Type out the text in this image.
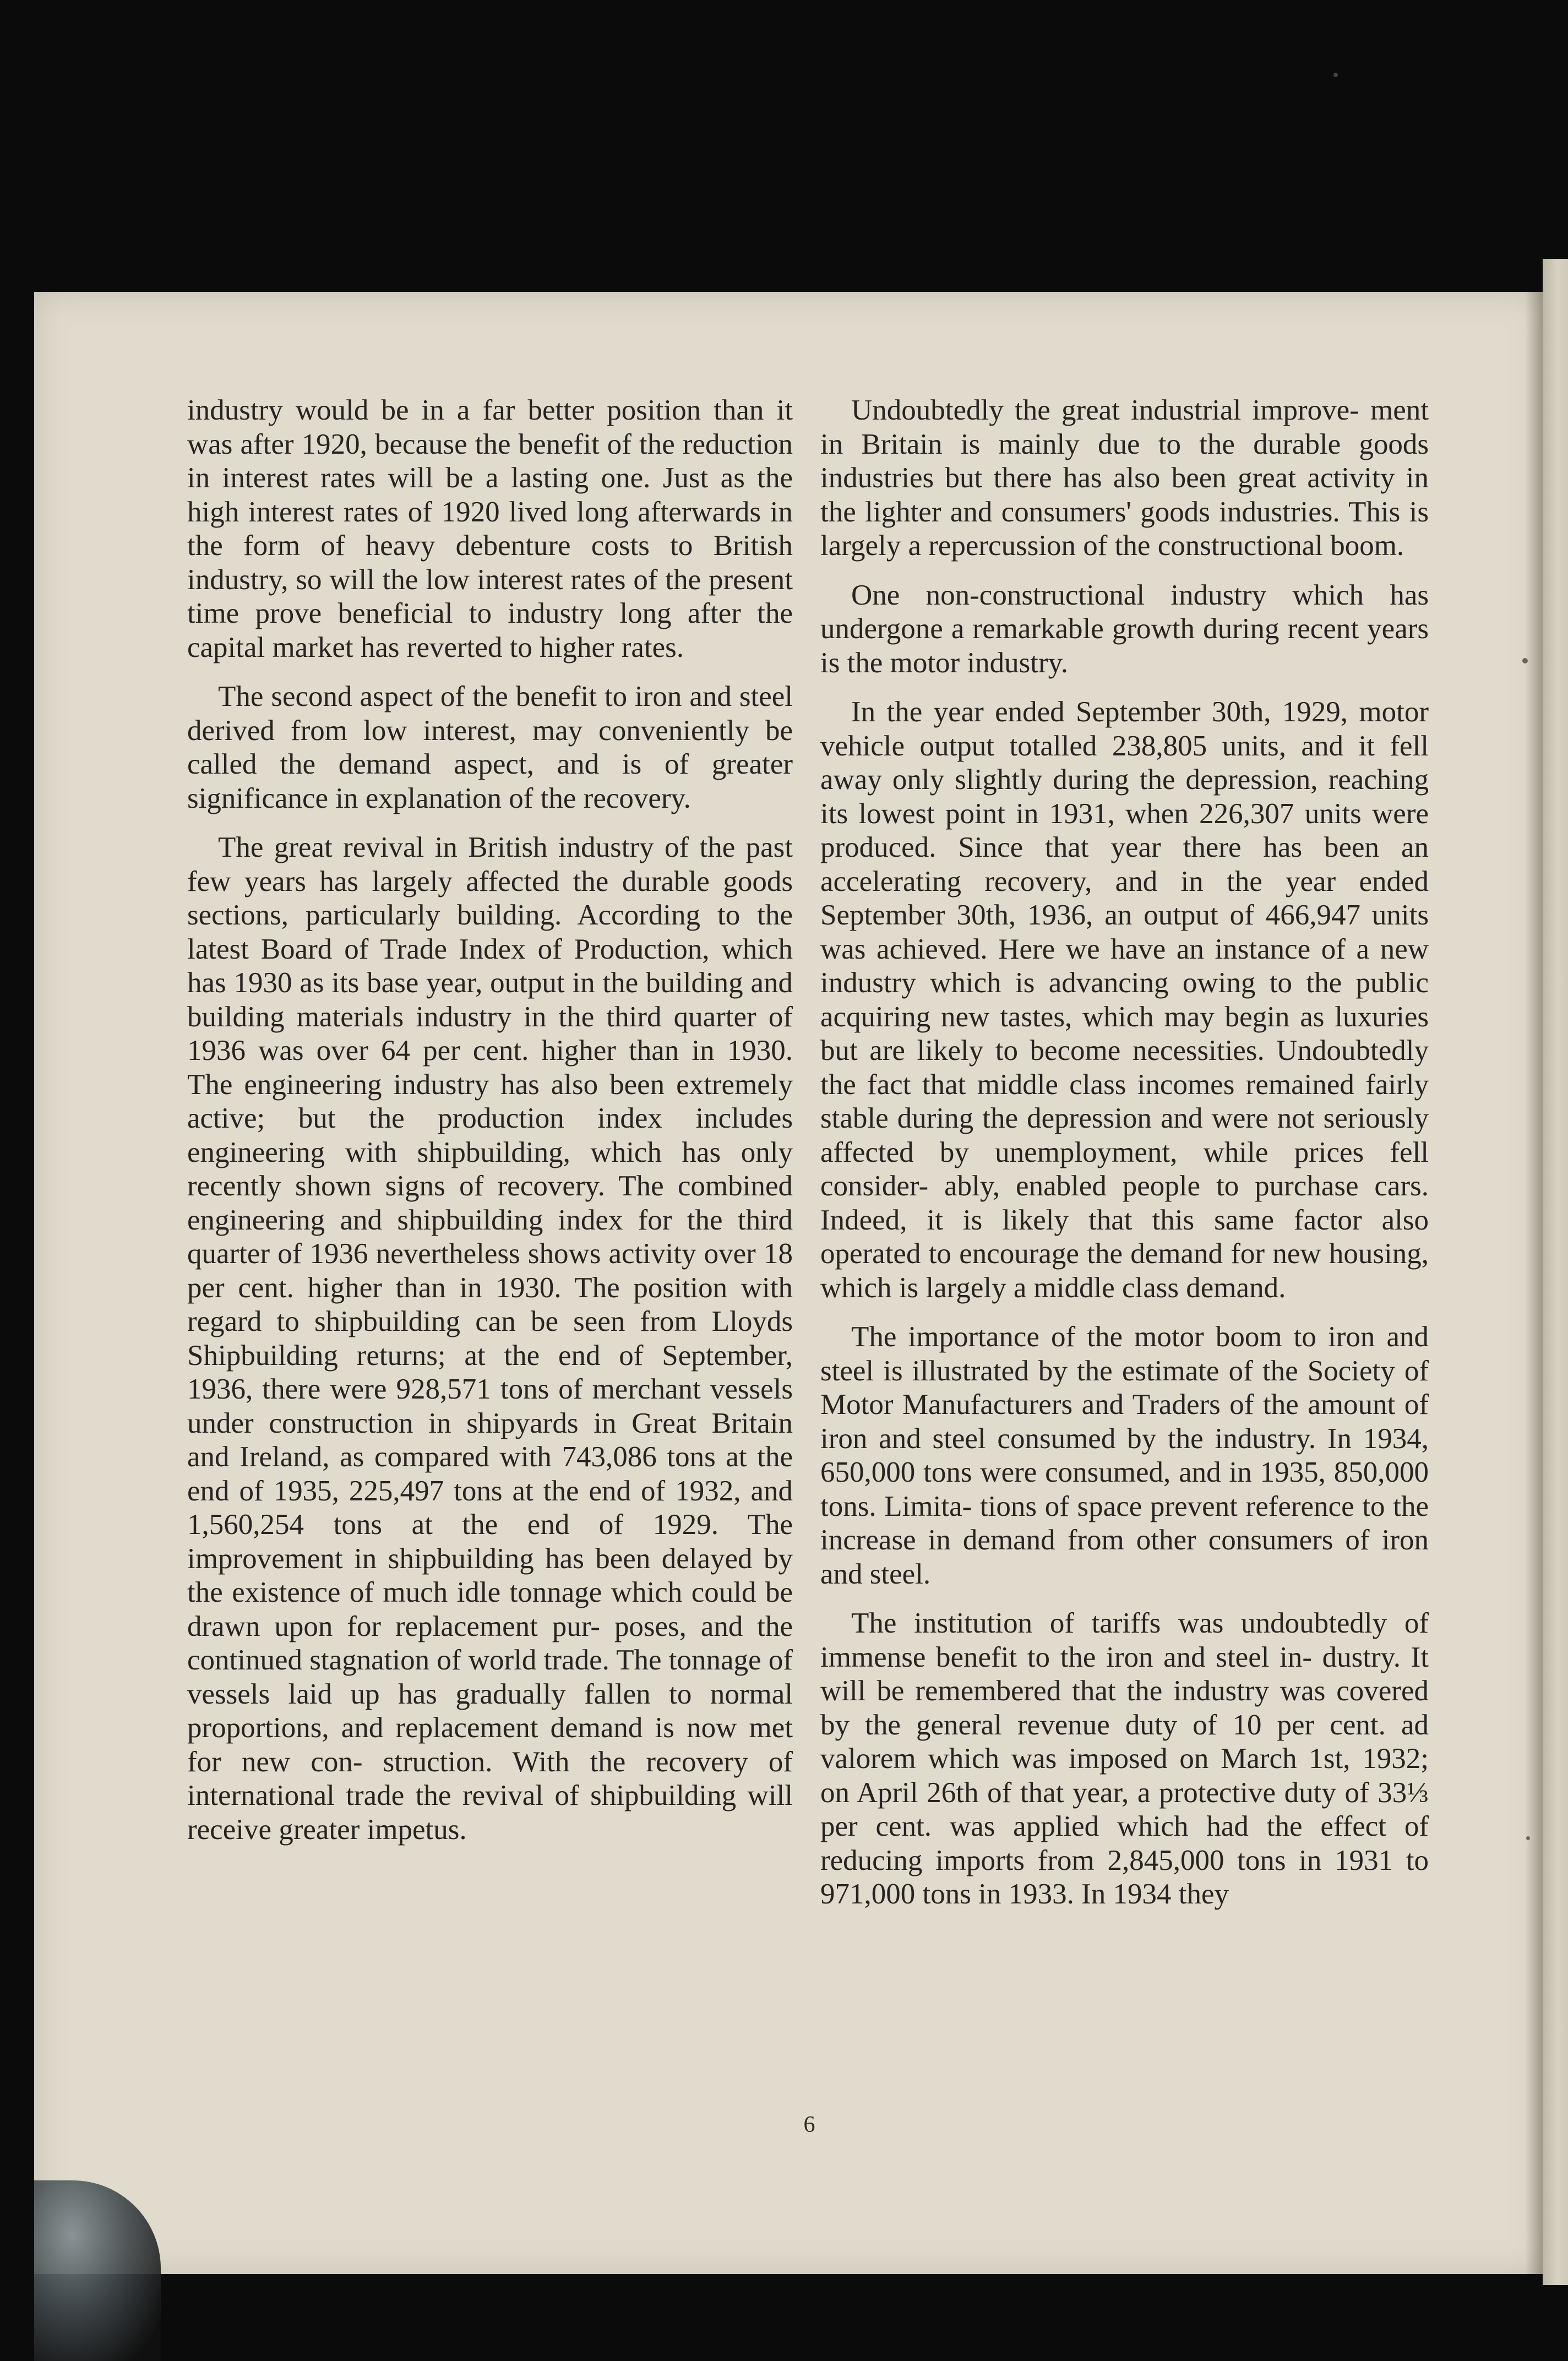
industry would be in a far better position than it was after 1920, because the benefit of the reduction in interest rates will be a lasting one. Just as the high interest rates of 1920 lived long afterwards in the form of heavy debenture costs to British industry, so will the low interest rates of the present time prove beneficial to industry long after the capital market has reverted to higher rates.

The second aspect of the benefit to iron and steel derived from low interest, may conveniently be called the demand aspect, and is of greater significance in explanation of the recovery.

The great revival in British industry of the past few years has largely affected the durable goods sections, particularly building. According to the latest Board of Trade Index of Production, which has 1930 as its base year, output in the building and building materials industry in the third quarter of 1936 was over 64 per cent. higher than in 1930. The engineering industry has also been extremely active; but the production index includes engineering with shipbuilding, which has only recently shown signs of recovery. The combined engineering and shipbuilding index for the third quarter of 1936 nevertheless shows activity over 18 per cent. higher than in 1930. The position with regard to shipbuilding can be seen from Lloyds Shipbuilding returns; at the end of September, 1936, there were 928,571 tons of merchant vessels under construction in shipyards in Great Britain and Ireland, as compared with 743,086 tons at the end of 1935, 225,497 tons at the end of 1932, and 1,560,254 tons at the end of 1929. The improvement in shipbuilding has been delayed by the existence of much idle tonnage which could be drawn upon for replacement pur- poses, and the continued stagnation of world trade. The tonnage of vessels laid up has gradually fallen to normal proportions, and replacement demand is now met for new con- struction. With the recovery of international trade the revival of shipbuilding will receive greater impetus.

Undoubtedly the great industrial improve- ment in Britain is mainly due to the durable goods industries but there has also been great activity in the lighter and consumers' goods industries. This is largely a repercussion of the constructional boom.

One non-constructional industry which has undergone a remarkable growth during recent years is the motor industry.

In the year ended September 30th, 1929, motor vehicle output totalled 238,805 units, and it fell away only slightly during the depression, reaching its lowest point in 1931, when 226,307 units were produced. Since that year there has been an accelerating recovery, and in the year ended September 30th, 1936, an output of 466,947 units was achieved. Here we have an instance of a new industry which is advancing owing to the public acquiring new tastes, which may begin as luxuries but are likely to become necessities. Undoubtedly the fact that middle class incomes remained fairly stable during the depression and were not seriously affected by unemployment, while prices fell consider- ably, enabled people to purchase cars. Indeed, it is likely that this same factor also operated to encourage the demand for new housing, which is largely a middle class demand.

The importance of the motor boom to iron and steel is illustrated by the estimate of the Society of Motor Manufacturers and Traders of the amount of iron and steel consumed by the industry. In 1934, 650,000 tons were consumed, and in 1935, 850,000 tons. Limita- tions of space prevent reference to the increase in demand from other consumers of iron and steel.

The institution of tariffs was undoubtedly of immense benefit to the iron and steel in- dustry. It will be remembered that the industry was covered by the general revenue duty of 10 per cent. ad valorem which was imposed on March 1st, 1932; on April 26th of that year, a protective duty of 33⅓ per cent. was applied which had the effect of reducing imports from 2,845,000 tons in 1931 to 971,000 tons in 1933. In 1934 they

6
